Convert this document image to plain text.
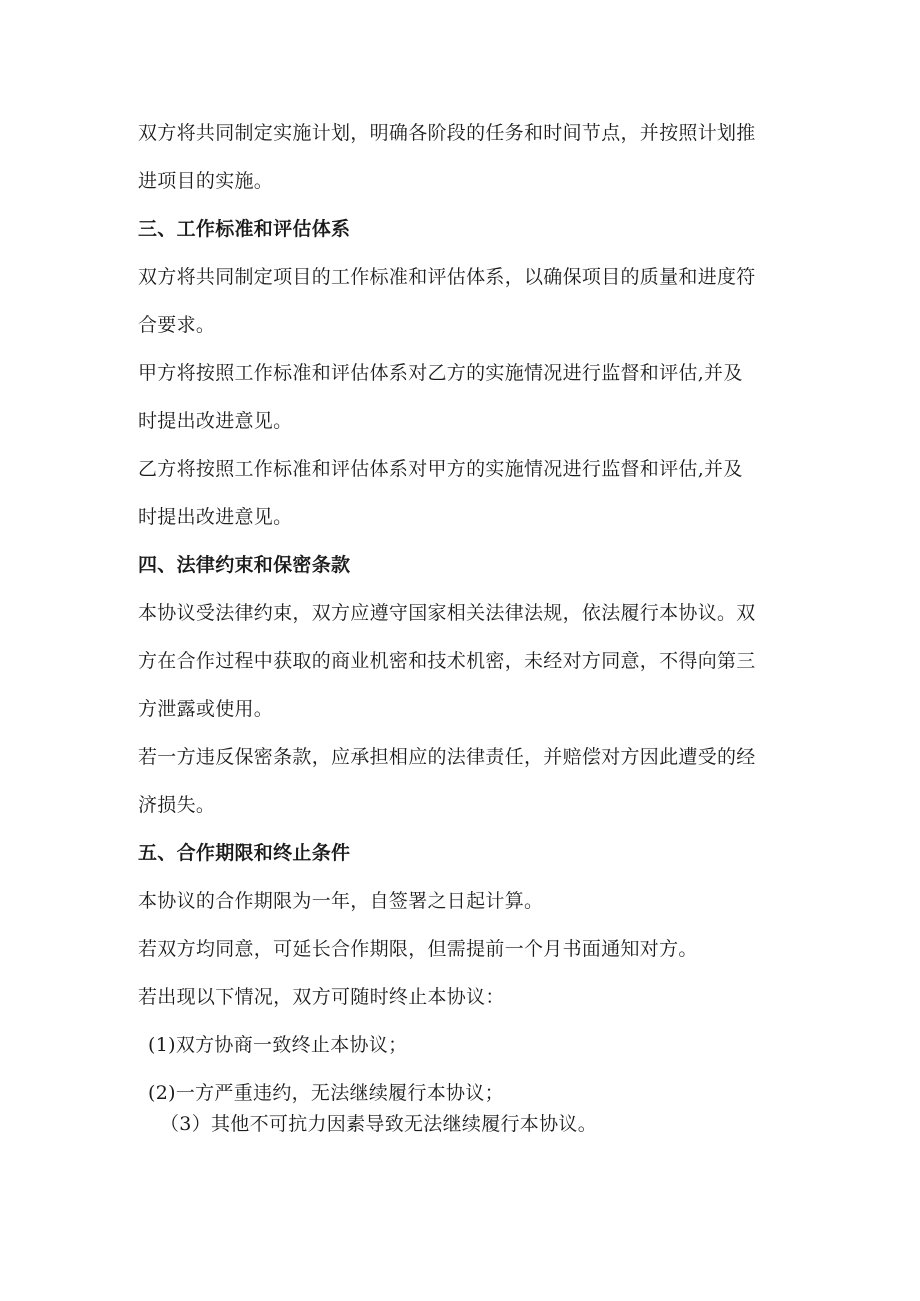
双方将共同制定实施计划，明确各阶段的任务和时间节点，并按照计划推
进项目的实施。
三、工作标准和评估体系
双方将共同制定项目的工作标准和评估体系，以确保项目的质量和进度符
合要求。
甲方将按照工作标准和评估体系对乙方的实施情况进行监督和评估,并及
时提出改进意见。
乙方将按照工作标准和评估体系对甲方的实施情况进行监督和评估,并及
时提出改进意见。
四、法律约束和保密条款
本协议受法律约束，双方应遵守国家相关法律法规，依法履行本协议。双
方在合作过程中获取的商业机密和技术机密，未经对方同意，不得向第三
方泄露或使用。
若一方违反保密条款，应承担相应的法律责任，并赔偿对方因此遭受的经
济损失。
五、合作期限和终止条件
本协议的合作期限为一年，自签署之日起计算。
若双方均同意，可延长合作期限，但需提前一个月书面通知对方。
若出现以下情况，双方可随时终止本协议：
(1)双方协商一致终止本协议；
(2)一方严重违约，无法继续履行本协议；
（3）其他不可抗力因素导致无法继续履行本协议。
